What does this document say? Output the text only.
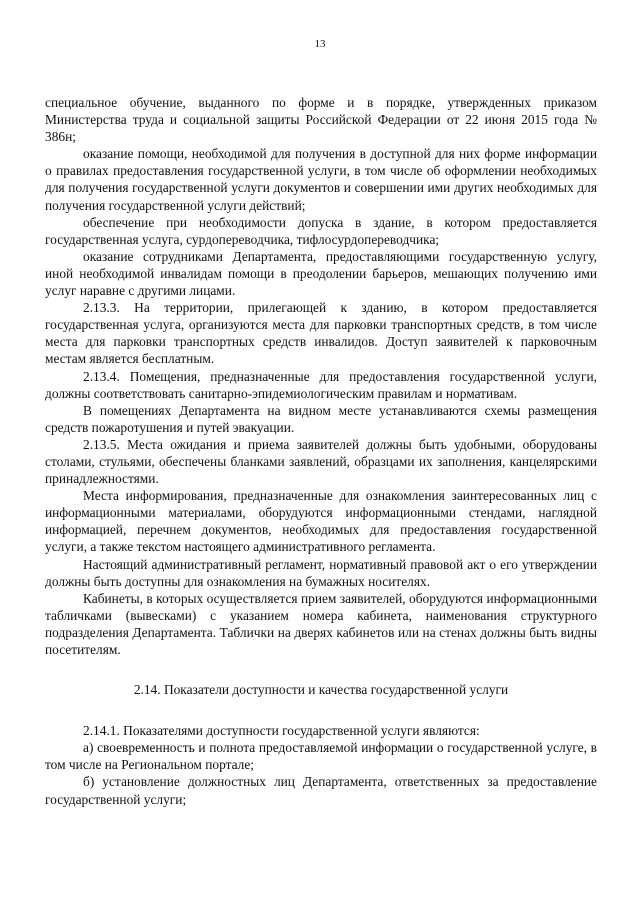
13

специальное обучение, выданного по форме и в порядке, утвержденных приказом Министерства труда и социальной защиты Российской Федерации от 22 июня 2015 года № 386н;

оказание помощи, необходимой для получения в доступной для них форме информации о правилах предоставления государственной услуги, в том числе об оформлении необходимых для получения государственной услуги документов и совершении ими других необходимых для получения государственной услуги действий;

обеспечение при необходимости допуска в здание, в котором предоставляется государственная услуга, сурдопереводчика, тифлосурдопереводчика;

оказание сотрудниками Департамента, предоставляющими государственную услугу, иной необходимой инвалидам помощи в преодолении барьеров, мешающих получению ими услуг наравне с другими лицами.

2.13.3. На территории, прилегающей к зданию, в котором предоставляется государственная услуга, организуются места для парковки транспортных средств, в том числе места для парковки транспортных средств инвалидов. Доступ заявителей к парковочным местам является бесплатным.

2.13.4. Помещения, предназначенные для предоставления государственной услуги, должны соответствовать санитарно-эпидемиологическим правилам и нормативам.

В помещениях Департамента на видном месте устанавливаются схемы размещения средств пожаротушения и путей эвакуации.

2.13.5. Места ожидания и приема заявителей должны быть удобными, оборудованы столами, стульями, обеспечены бланками заявлений, образцами их заполнения, канцелярскими принадлежностями.

Места информирования, предназначенные для ознакомления заинтересованных лиц с информационными материалами, оборудуются информационными стендами, наглядной информацией, перечнем документов, необходимых для предоставления государственной услуги, а также текстом настоящего административного регламента.

Настоящий административный регламент, нормативный правовой акт о его утверждении должны быть доступны для ознакомления на бумажных носителях.

Кабинеты, в которых осуществляется прием заявителей, оборудуются информационными табличками (вывесками) с указанием номера кабинета, наименования структурного подразделения Департамента. Таблички на дверях кабинетов или на стенах должны быть видны посетителям.

2.14. Показатели доступности и качества государственной услуги

2.14.1. Показателями доступности государственной услуги являются:

а) своевременность и полнота предоставляемой информации о государственной услуге, в том числе на Региональном портале;

б) установление должностных лиц Департамента, ответственных за предоставление государственной услуги;
